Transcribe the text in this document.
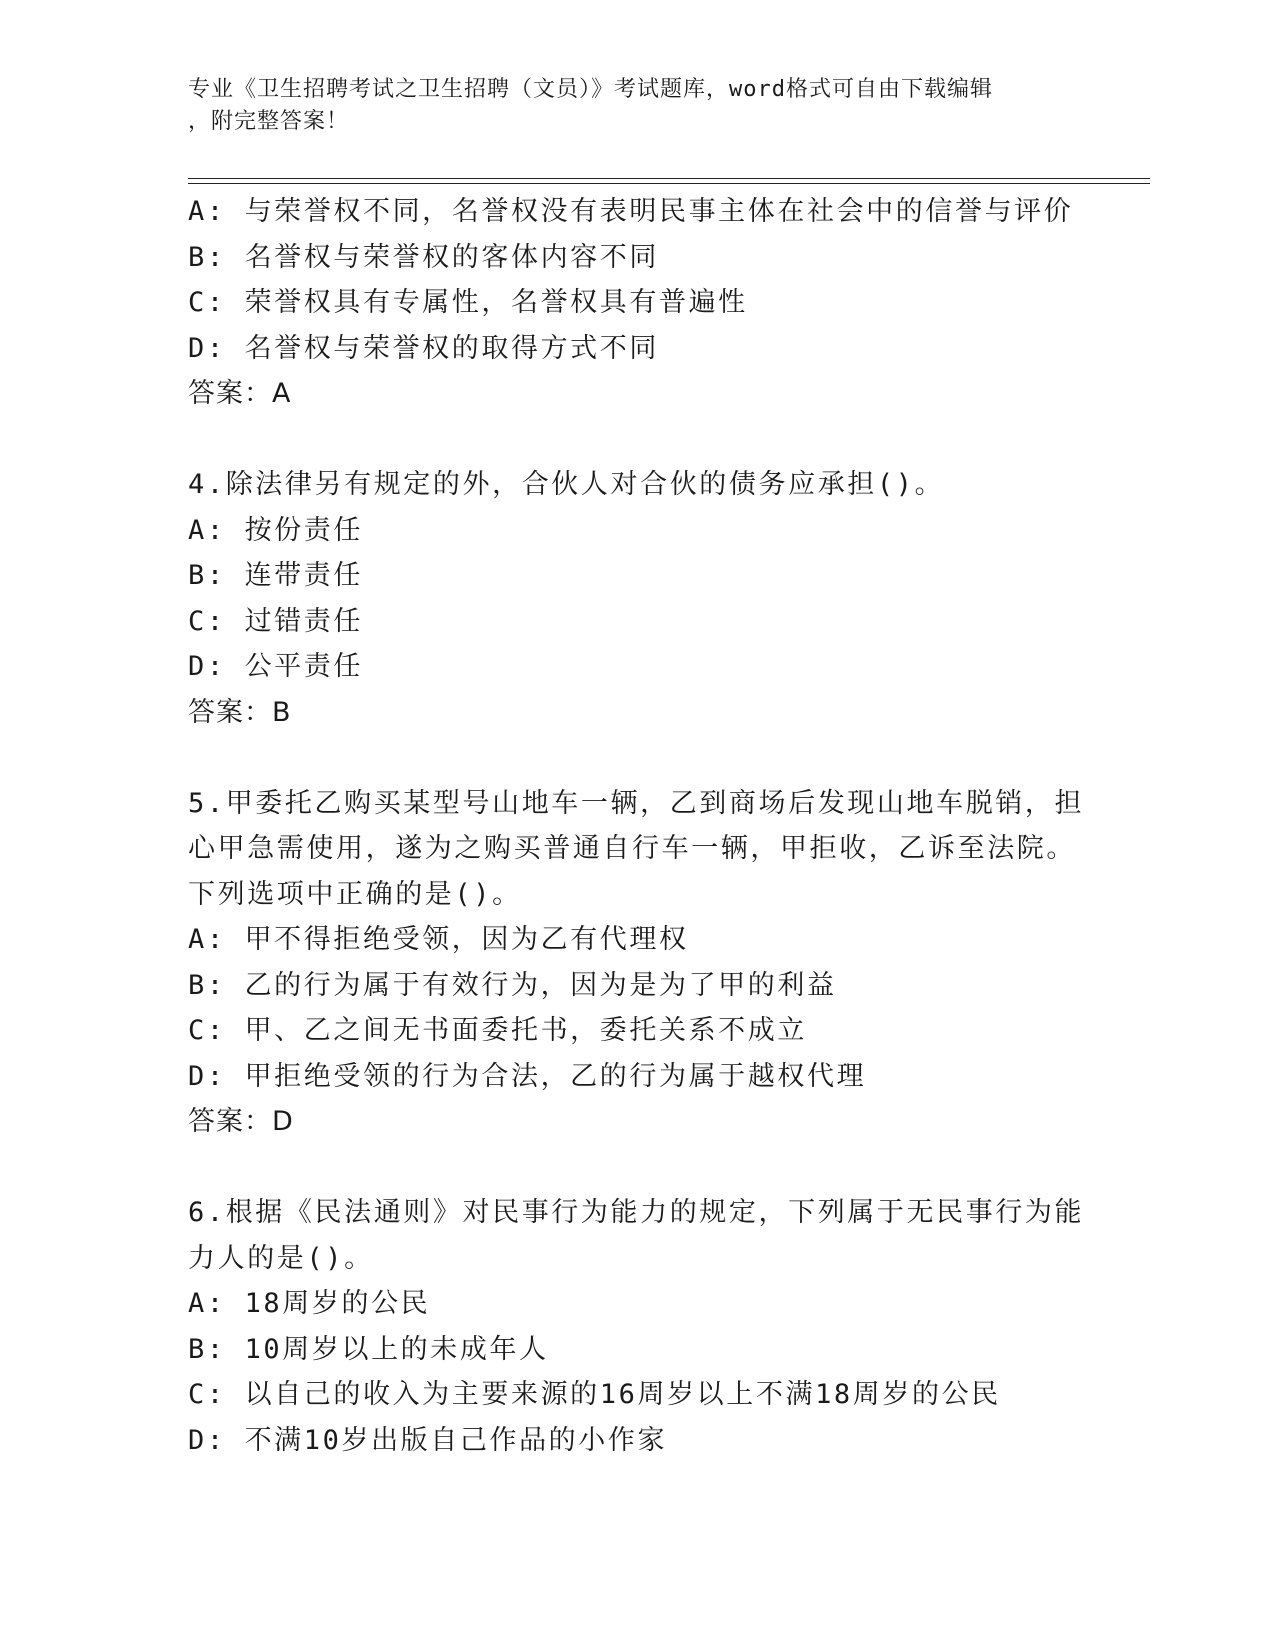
专业《卫生招聘考试之卫生招聘（文员）》考试题库，word格式可自由下载编辑
，附完整答案！
A: 与荣誉权不同，名誉权没有表明民事主体在社会中的信誉与评价
B: 名誉权与荣誉权的客体内容不同
C: 荣誉权具有专属性，名誉权具有普遍性
D: 名誉权与荣誉权的取得方式不同
答案：A
4.除法律另有规定的外，合伙人对合伙的债务应承担()。
A: 按份责任
B: 连带责任
C: 过错责任
D: 公平责任
答案：B
5.甲委托乙购买某型号山地车一辆，乙到商场后发现山地车脱销，担
心甲急需使用，遂为之购买普通自行车一辆，甲拒收，乙诉至法院。
下列选项中正确的是()。
A: 甲不得拒绝受领，因为乙有代理权
B: 乙的行为属于有效行为，因为是为了甲的利益
C: 甲、乙之间无书面委托书，委托关系不成立
D: 甲拒绝受领的行为合法，乙的行为属于越权代理
答案：D
6.根据《民法通则》对民事行为能力的规定，下列属于无民事行为能
力人的是()。
A: 18周岁的公民
B: 10周岁以上的未成年人
C: 以自己的收入为主要来源的16周岁以上不满18周岁的公民
D: 不满10岁出版自己作品的小作家
